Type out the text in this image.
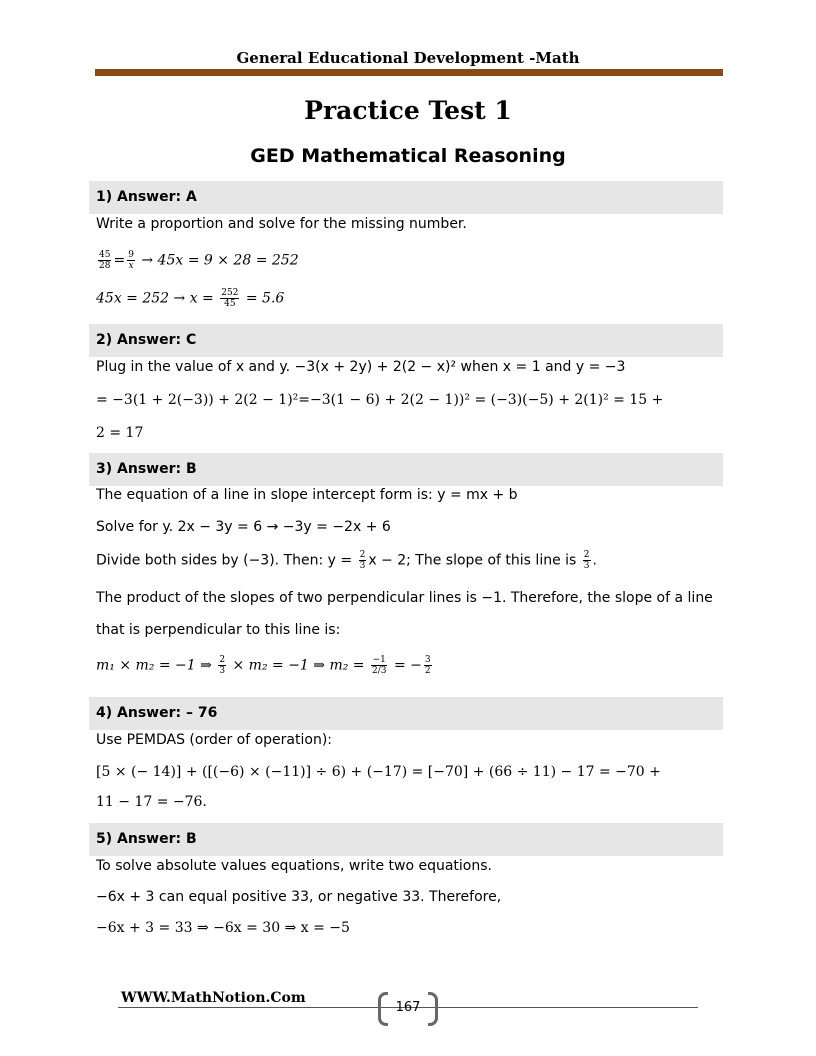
General Educational Development -Math
Practice Test 1
GED Mathematical Reasoning
1) Answer: A
Write a proportion and solve for the missing number.
$\frac{45}{28} = \frac{9}{x} \to 45x = 9 \times 28 = 252$
$45x = 252 \to x = \frac{252}{45} = 5.6$
2) Answer: C
Plug in the value of x and y. −3(x + 2y) + 2(2 − x)² when x = 1 and y = −3
= −3(1 + 2(−3)) + 2(2 − 1)²=−3(1 − 6) + 2(2 − 1))² = (−3)(−5) + 2(1)² = 15 +
2 = 17
3) Answer: B
The equation of a line in slope intercept form is: y = mx + b
Solve for y. 2x − 3y = 6 → −3y = −2x + 6
Divide both sides by (−3). Then: $y = \frac{2}{3}$ x − 2; The slope of this line is $\frac{2}{3}$ .
The product of the slopes of two perpendicular lines is −1. Therefore, the slope of a line
that is perpendicular to this line is:
m₁ × m₂ = −1 ⇒ $\frac{2}{3} \times m_2 = -1$ ⇒ $m_2 = \frac{-1}{2/3}$ = − $\frac{3}{2}$
4) Answer: – 76
Use PEMDAS (order of operation):
[5 × (− 14)] + ([(−6) × (−11)] ÷ 6) + (−17) = [−70] + (66 ÷ 11) − 17 = −70 +
11 − 17 = −76.
5) Answer: B
To solve absolute values equations, write two equations.
−6x + 3 can equal positive 33, or negative 33. Therefore,
−6x + 3 = 33 ⇒ −6x = 30 ⇒ x = −5
WWW.MathNotion.Com
167
